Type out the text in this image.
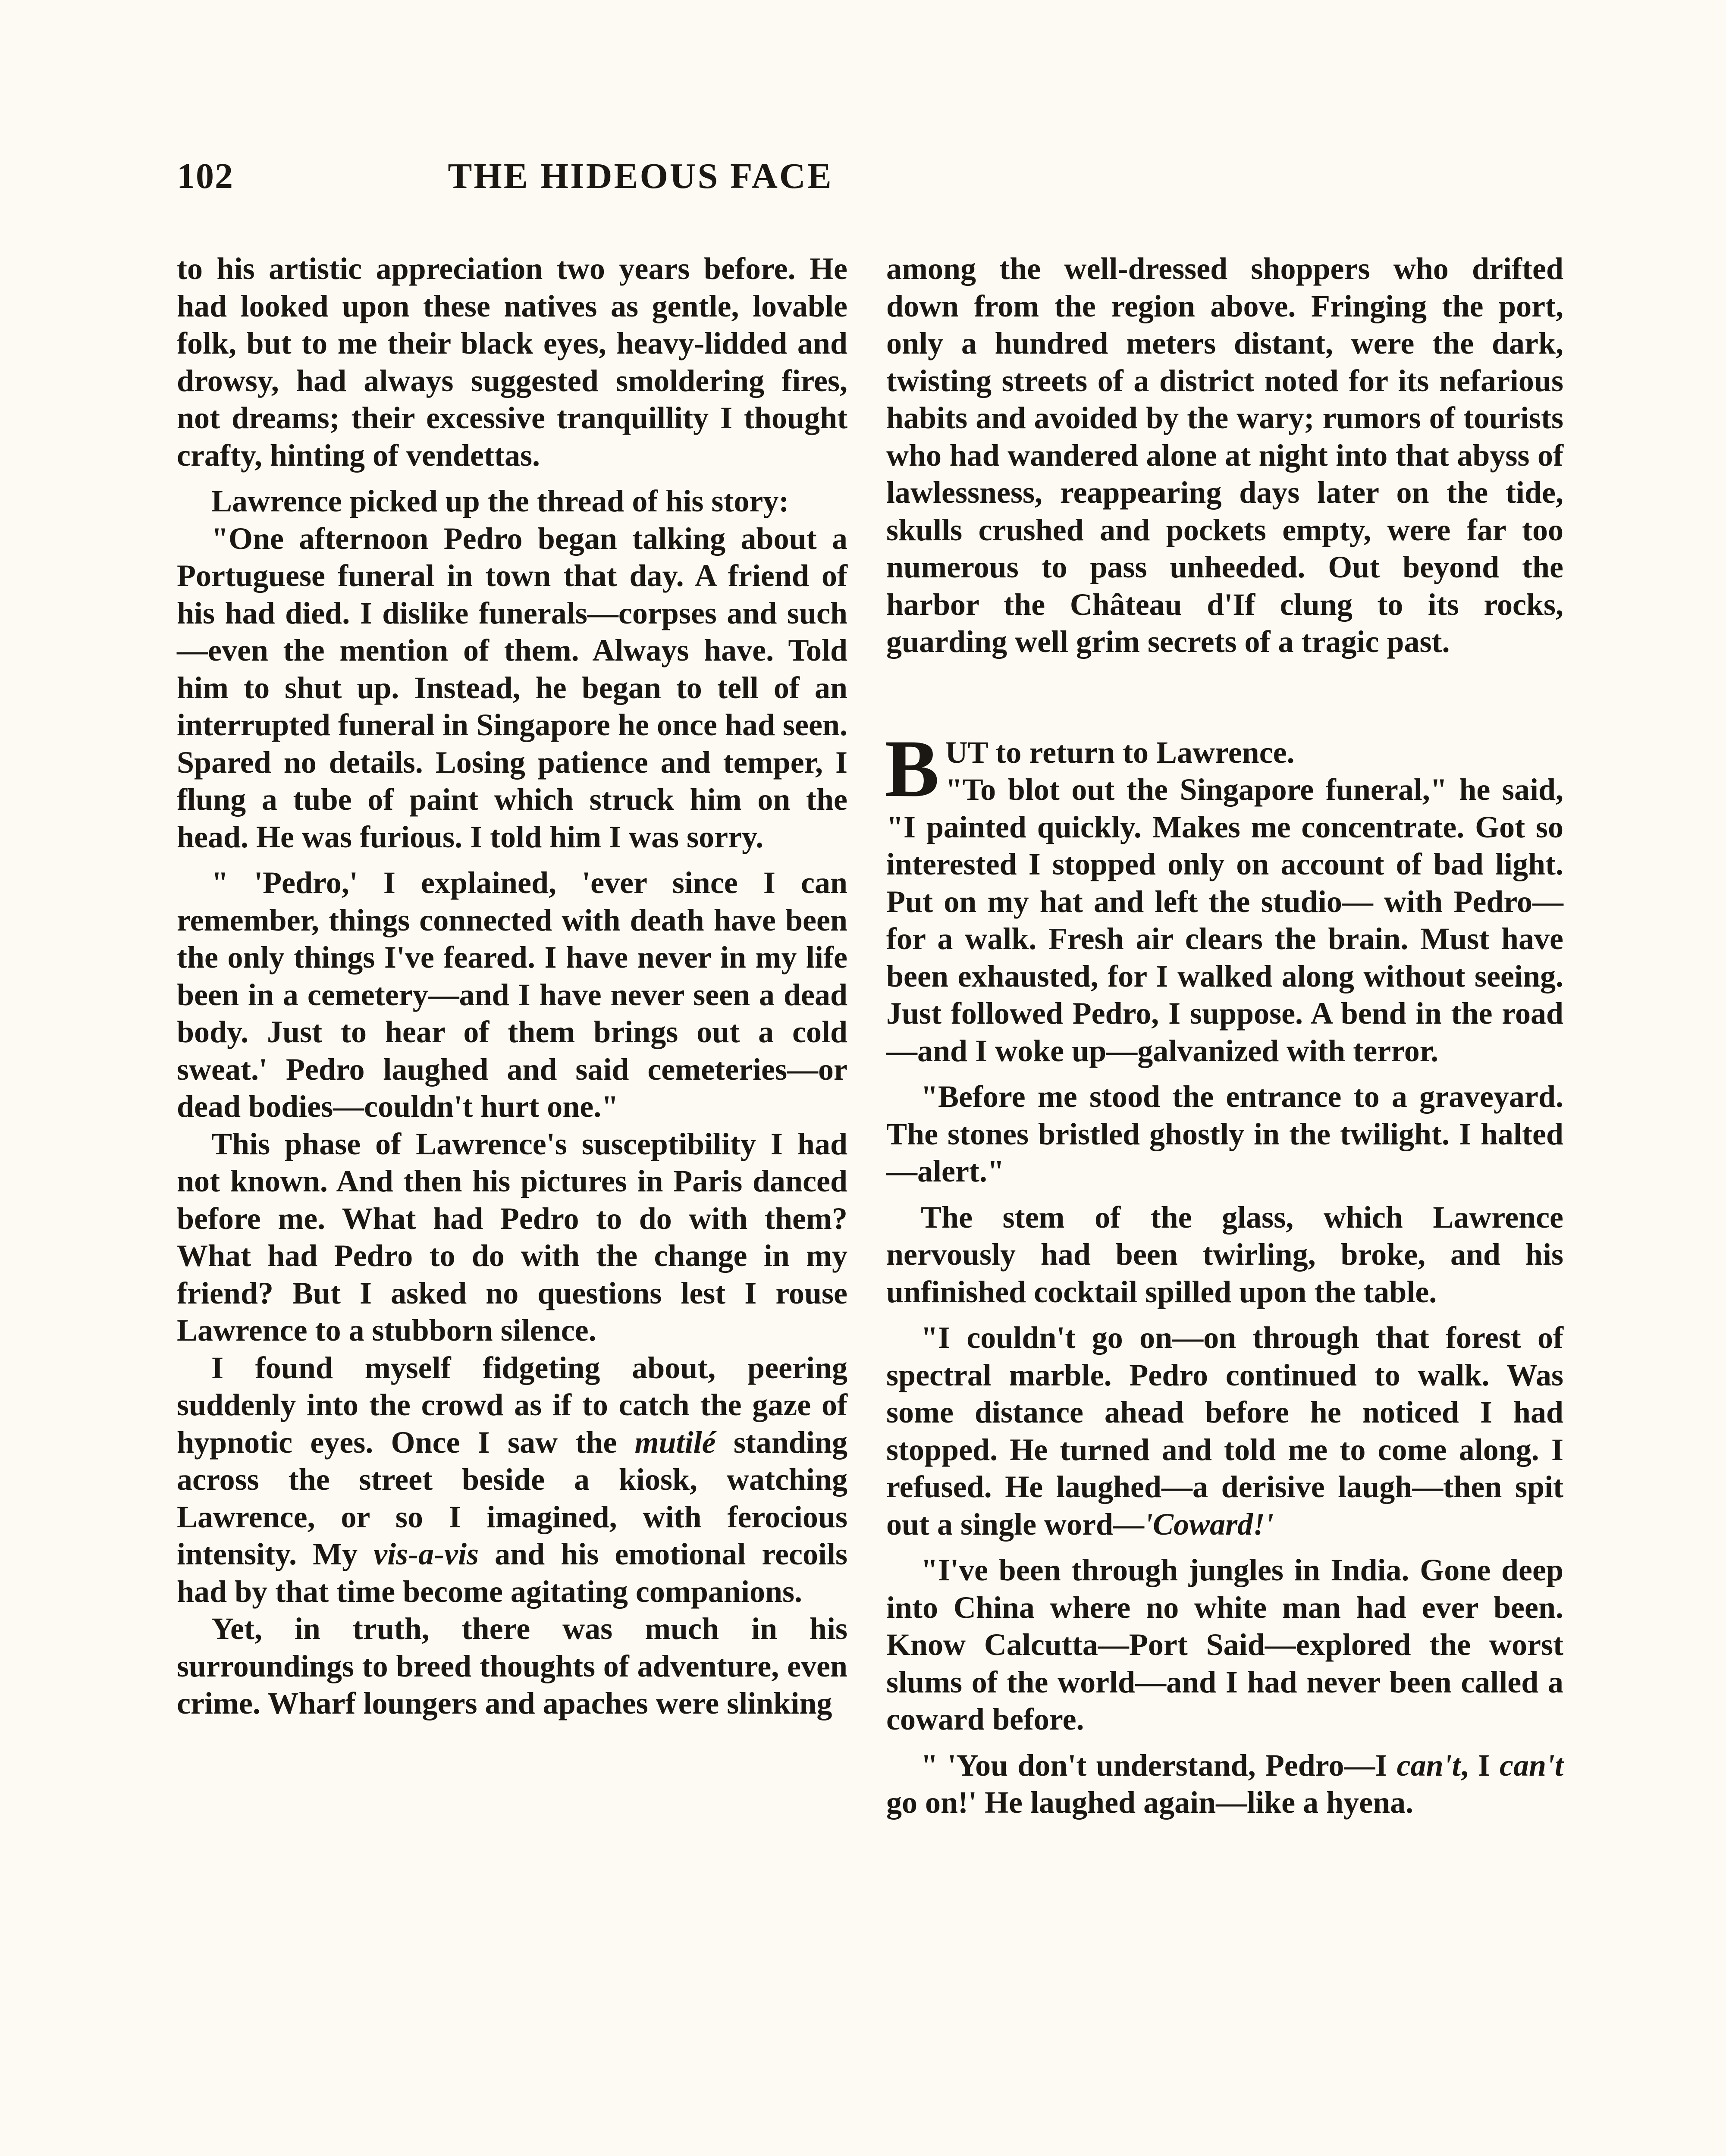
102	THE HIDEOUS FACE

to his artistic appreciation two years before. He had looked upon these natives as gentle, lovable folk, but to me their black eyes, heavy-lidded and drowsy, had always suggested smoldering fires, not dreams; their excessive tranquillity I thought crafty, hinting of vendettas.

Lawrence picked up the thread of his story:

"One afternoon Pedro began talking about a Portuguese funeral in town that day. A friend of his had died. I dislike funerals—corpses and such—even the mention of them. Always have. Told him to shut up. Instead, he began to tell of an interrupted funeral in Singapore he once had seen. Spared no details. Losing patience and temper, I flung a tube of paint which struck him on the head. He was furious. I told him I was sorry.

" 'Pedro,' I explained, 'ever since I can remember, things connected with death have been the only things I've feared. I have never in my life been in a cemetery—and I have never seen a dead body. Just to hear of them brings out a cold sweat.' Pedro laughed and said cemeteries—or dead bodies—couldn't hurt one."

This phase of Lawrence's susceptibility I had not known. And then his pictures in Paris danced before me. What had Pedro to do with them? What had Pedro to do with the change in my friend? But I asked no questions lest I rouse Lawrence to a stubborn silence.

I found myself fidgeting about, peering suddenly into the crowd as if to catch the gaze of hypnotic eyes. Once I saw the mutilé standing across the street beside a kiosk, watching Lawrence, or so I imagined, with ferocious intensity. My vis-a-vis and his emotional recoils had by that time become agitating companions.

Yet, in truth, there was much in his surroundings to breed thoughts of adventure, even crime. Wharf loungers and apaches were slinking

among the well-dressed shoppers who drifted down from the region above. Fringing the port, only a hundred meters distant, were the dark, twisting streets of a district noted for its nefarious habits and avoided by the wary; rumors of tourists who had wandered alone at night into that abyss of lawlessness, reappearing days later on the tide, skulls crushed and pockets empty, were far too numerous to pass unheeded. Out beyond the harbor the Château d'If clung to its rocks, guarding well grim secrets of a tragic past.

BUT to return to Lawrence.
"To blot out the Singapore funeral," he said, "I painted quickly. Makes me concentrate. Got so interested I stopped only on account of bad light. Put on my hat and left the studio— with Pedro—for a walk. Fresh air clears the brain. Must have been exhausted, for I walked along without seeing. Just followed Pedro, I suppose. A bend in the road—and I woke up—galvanized with terror.

"Before me stood the entrance to a graveyard. The stones bristled ghostly in the twilight. I halted—alert."

The stem of the glass, which Lawrence nervously had been twirling, broke, and his unfinished cocktail spilled upon the table.

"I couldn't go on—on through that forest of spectral marble. Pedro continued to walk. Was some distance ahead before he noticed I had stopped. He turned and told me to come along. I refused. He laughed—a derisive laugh—then spit out a single word—'Coward!'

"I've been through jungles in India. Gone deep into China where no white man had ever been. Know Calcutta—Port Said—explored the worst slums of the world—and I had never been called a coward before.

" 'You don't understand, Pedro—I can't, I can't go on!' He laughed again—like a hyena.
